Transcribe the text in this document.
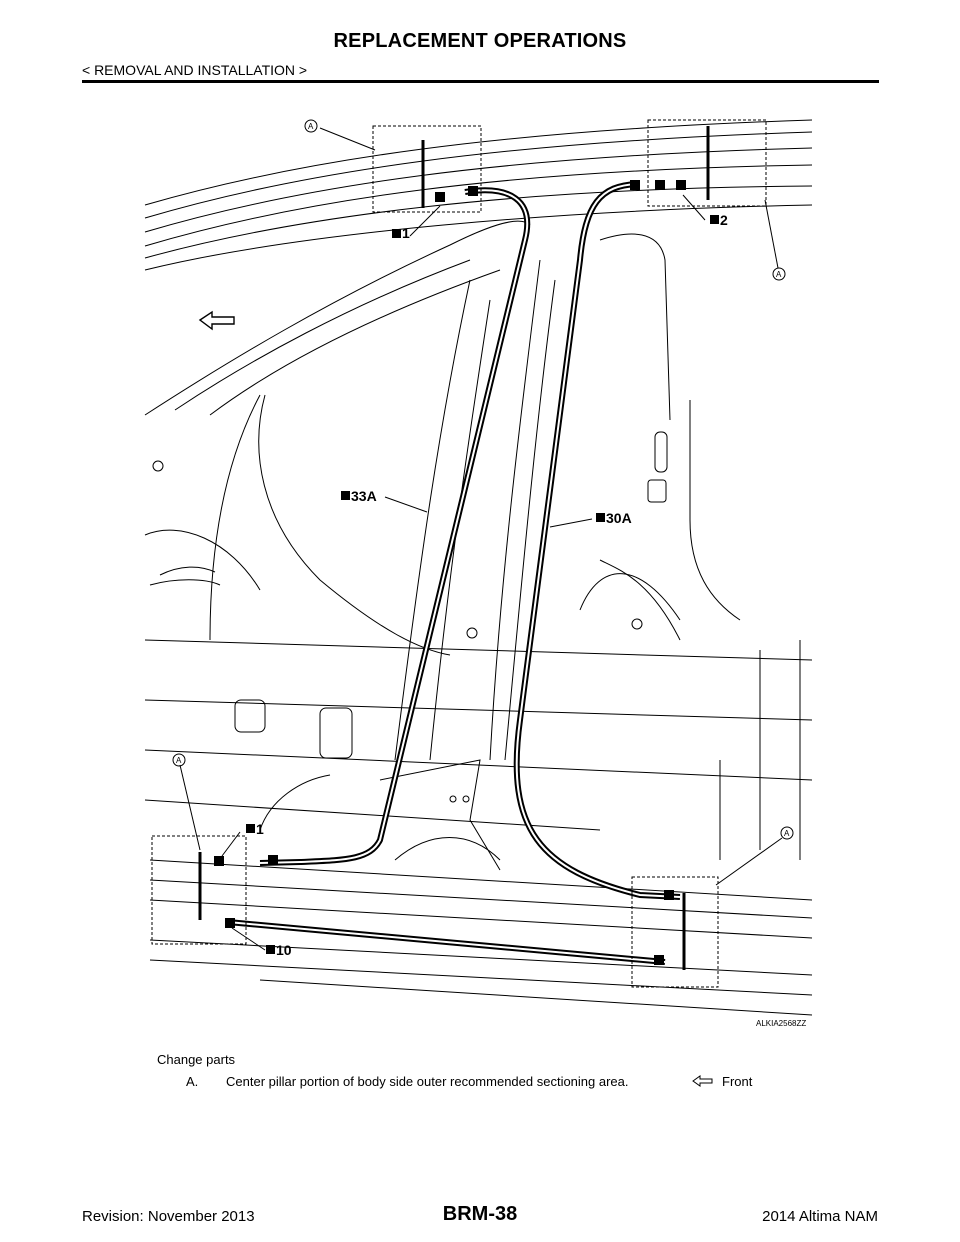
REPLACEMENT OPERATIONS
< REMOVAL AND INSTALLATION >
A
A
A
A
1
2
33A
30A
1
10
ALKIA2568ZZ
Change parts
A. Center pillar portion of body side outer recommended sectioning area.	Front
Revision: November 2013	BRM-38	2014 Altima NAM
